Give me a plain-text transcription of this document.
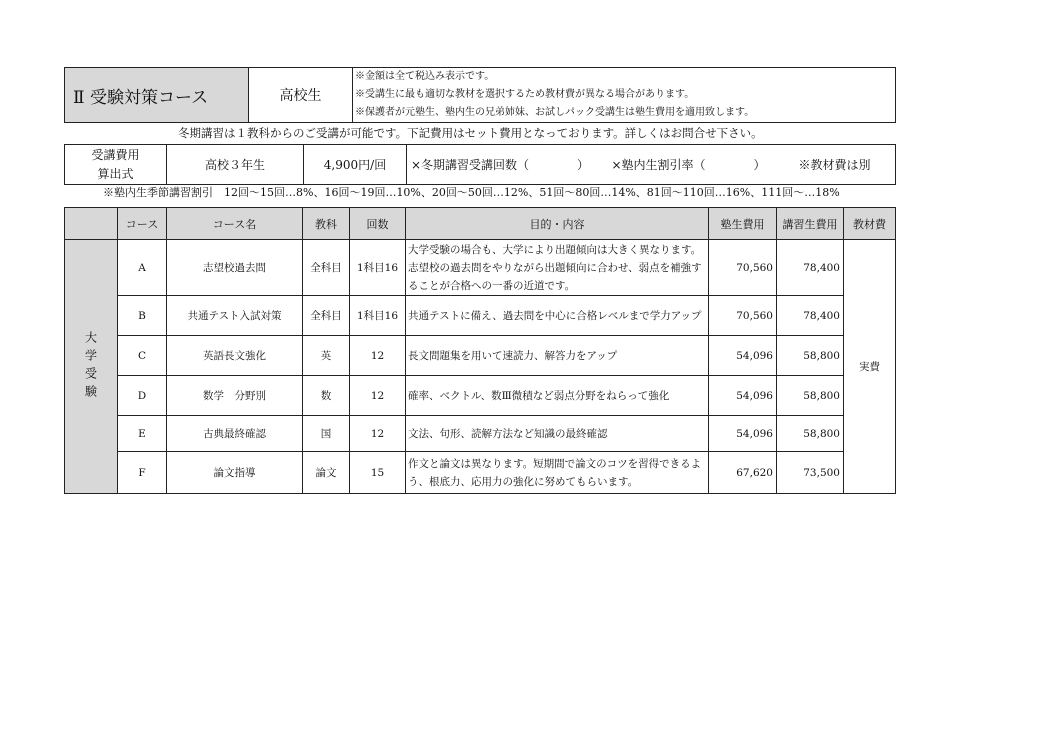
Ⅱ 受験対策コース	高校生	
※金額は全て税込み表示です。
※受講生に最も適切な教材を選択するため教材費が異なる場合があります。
※保護者が元塾生、塾内生の兄弟姉妹、お試しパック受講生は塾生費用を適用致します。
冬期講習は１教科からのご受講が可能です。下記費用はセット費用となっております。詳しくはお問合せ下さい。
受講費用
算出式
	高校３年生	4,900円/回	×冬期講習受講回数（　　　　）	×塾内生割引率（　　　　）	※教材費は別
※塾内生季節講習割引　12回～15回…8%、16回～19回…10%、20回～50回…12%、51回～80回…14%、81回～110回…16%、111回～…18%
	コース	コース名	教科	回数	目的・内容	塾生費用	講習生費用	教材費

大学受験	A	志望校過去問	全科目	1科目16	大学受験の場合も、大学により出題傾向は大きく異なります。志望校の過去問をやりながら出題傾向に合わせ、弱点を補強することが合格への一番の近道です。	70,560	78,400	実費
	B	共通テスト入試対策	全科目	1科目16	共通テストに備え、過去問を中心に合格レベルまで学力アップ	70,560	78,400	
	C	英語長文強化	英	12	長文問題集を用いて速読力、解答力をアップ	54,096	58,800	
	D	数学　分野別	数	12	確率、ベクトル、数Ⅲ微積など弱点分野をねらって強化	54,096	58,800	
	E	古典最終確認	国	12	文法、句形、読解方法など知識の最終確認	54,096	58,800	
	F	論文指導	論文	15	作文と論文は異なります。短期間で論文のコツを習得できるよう、根底力、応用力の強化に努めてもらいます。	67,620	73,500	
